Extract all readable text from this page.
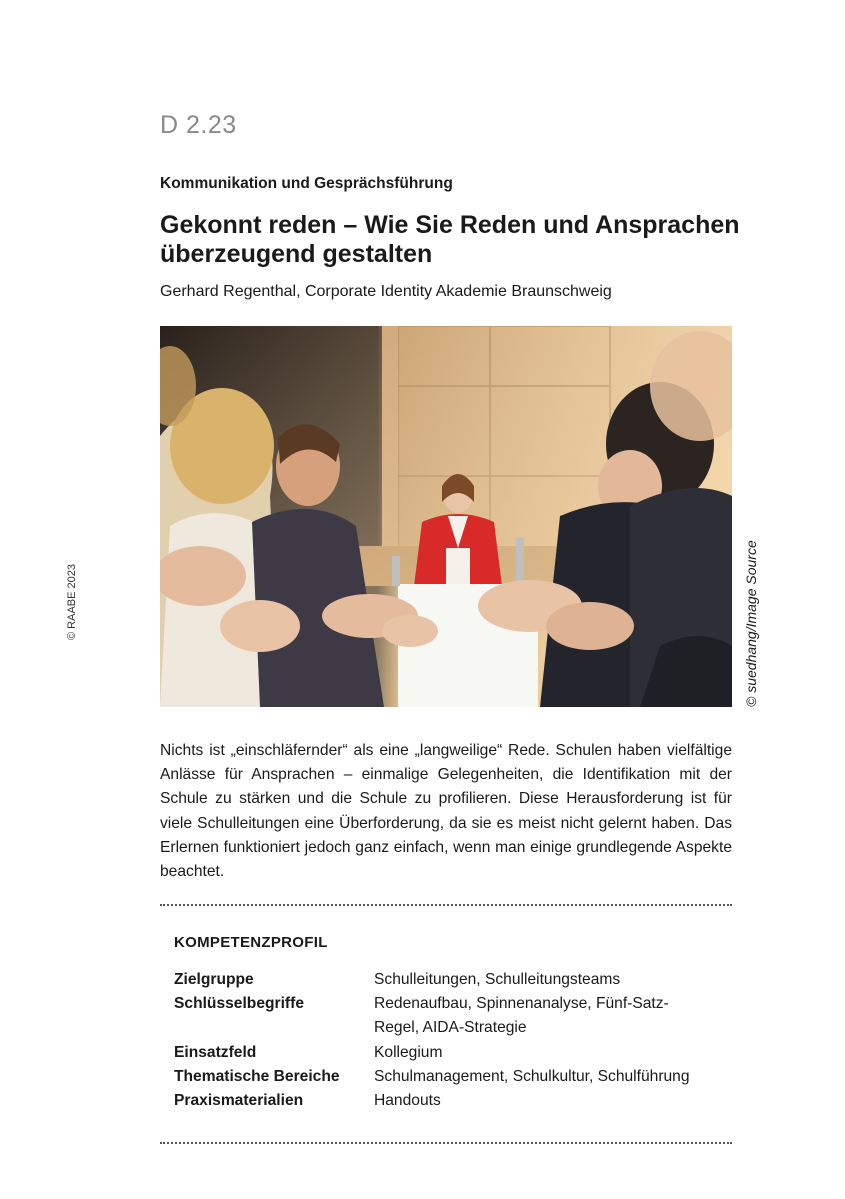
D 2.23
Kommunikation und Gesprächsführung
Gekonnt reden – Wie Sie Reden und Ansprachen
überzeugend gestalten
Gerhard Regenthal, Corporate Identity Akademie Braunschweig
© RAABE 2023	© suedhang/Image Source

Nichts ist „einschläfernder“ als eine „langweilige“ Rede. Schulen haben vielfältige Anlässe für Ansprachen – einmalige Gelegenheiten, die Identifikation mit der Schule zu stärken und die Schule zu profilieren. Diese Herausforderung ist für viele Schulleitungen eine Überforderung, da sie es meist nicht gelernt haben. Das Erlernen funktioniert jedoch ganz einfach, wenn man einige grundlegende Aspekte beachtet.

KOMPETENZPROFIL
Zielgruppe	Schulleitungen, Schulleitungsteams
Schlüsselbegriffe	Redenaufbau, Spinnenanalyse, Fünf-Satz-Regel, AIDA-Strategie
Einsatzfeld	Kollegium
Thematische Bereiche	Schulmanagement, Schulkultur, Schulführung
Praxismaterialien	Handouts
